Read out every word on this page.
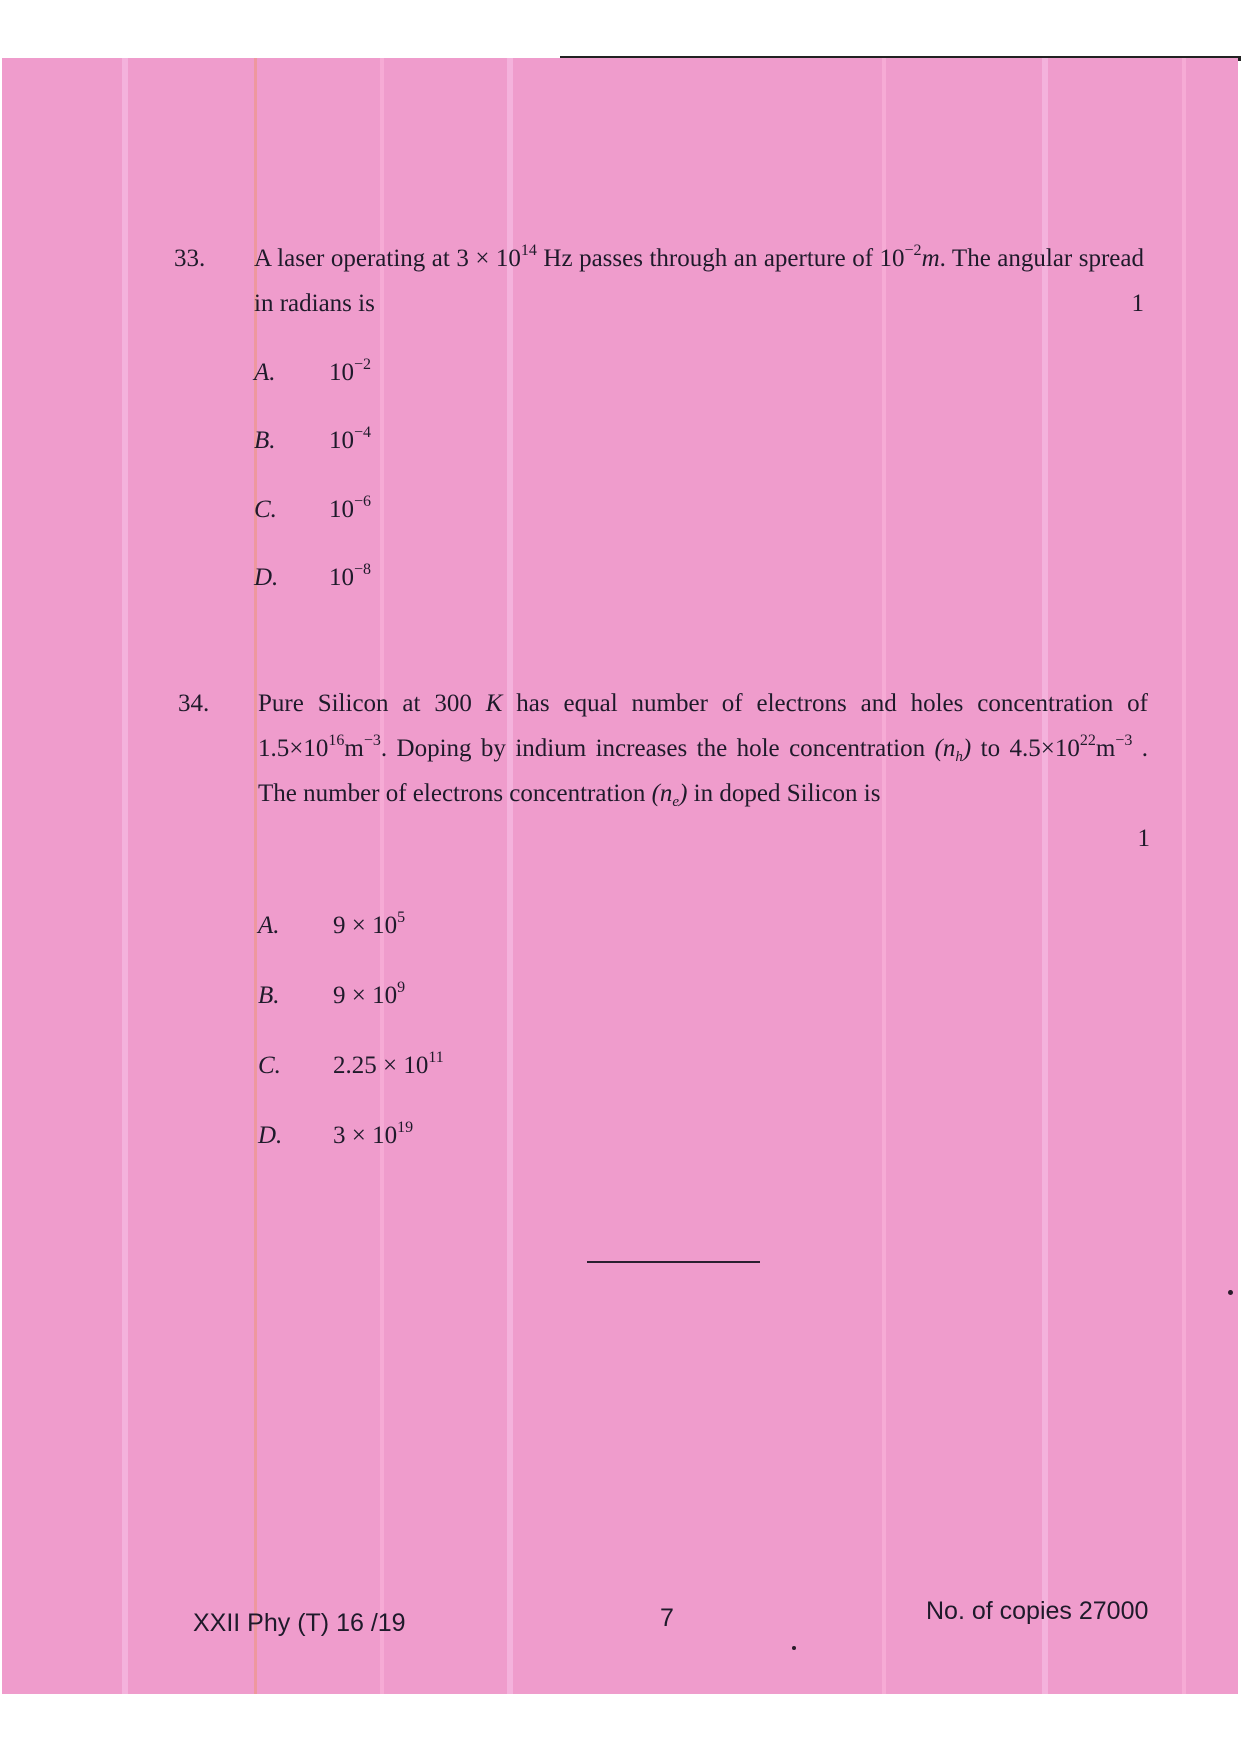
33. A laser operating at $3 \times 10^{14}$ Hz passes through an aperture of $10^{-2}m$. The angular spread in radians is	1
A. $10^{-2}$
B. $10^{-4}$
C. $10^{-6}$
D. $10^{-8}$
34. Pure Silicon at 300 K has equal number of electrons and holes concentration of $1.5\times 10^{16}m^{-3}$. Doping by indium increases the hole concentration $(n_h)$ to $4.5\times 10^{22}m^{-3}$ . The number of electrons concentration $(n_e)$ in doped Silicon is
1
A. $9 \times 10^5$
B. $9 \times 10^9$
C. $2.25 \times 10^{11}$
D. $3 \times 10^{19}$
XXII Phy (T) 16 /19	7	No. of copies 27000
